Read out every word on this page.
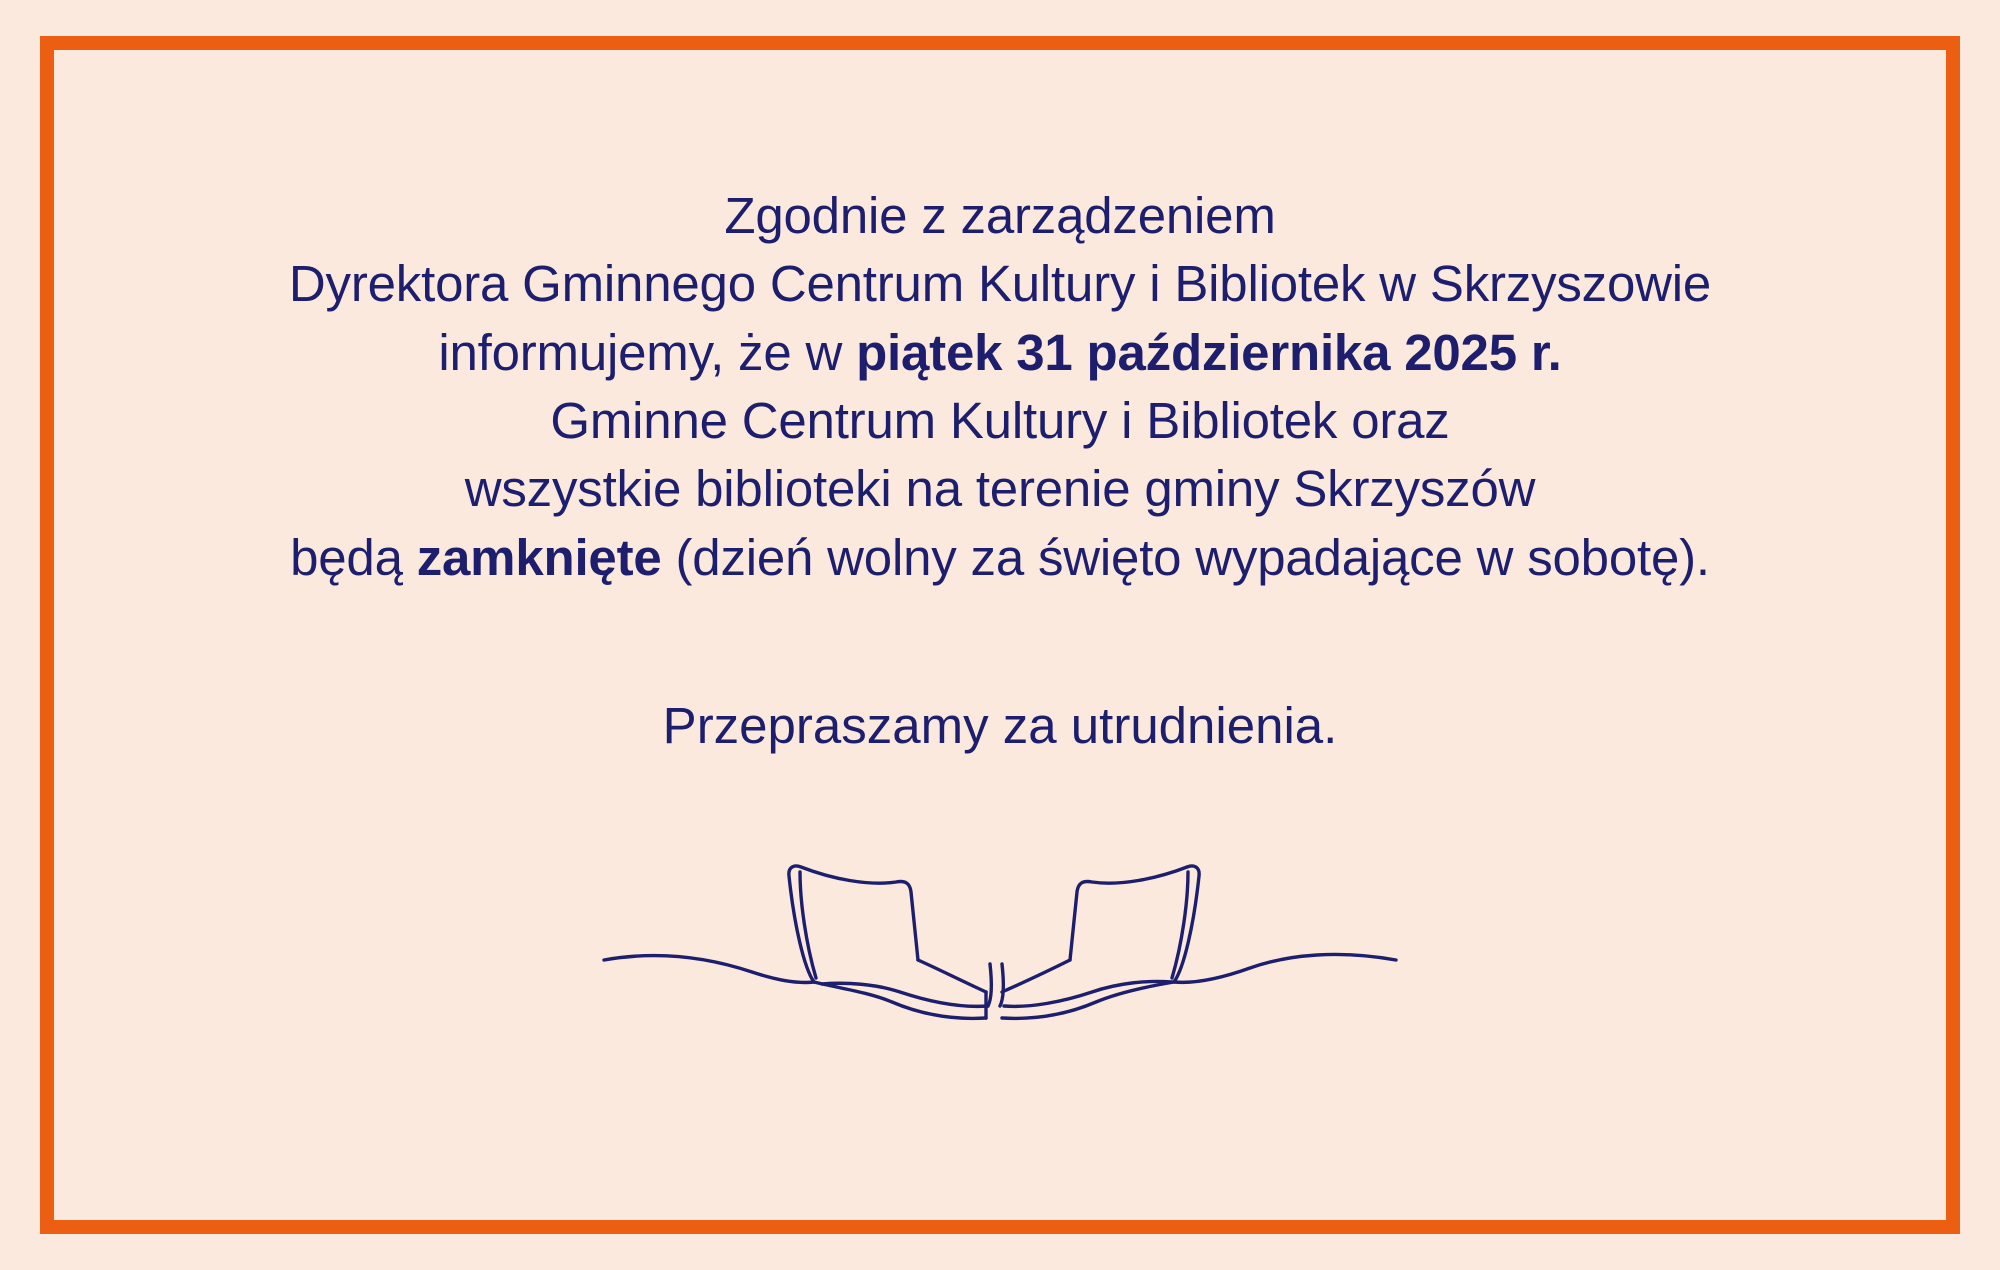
Zgodnie z zarządzeniem
Dyrektora Gminnego Centrum Kultury i Bibliotek w Skrzyszowie
informujemy, że w piątek 31 października 2025 r.
Gminne Centrum Kultury i Bibliotek oraz
wszystkie biblioteki na terenie gminy Skrzyszów
będą zamknięte (dzień wolny za święto wypadające w sobotę).

Przepraszamy za utrudnienia.
